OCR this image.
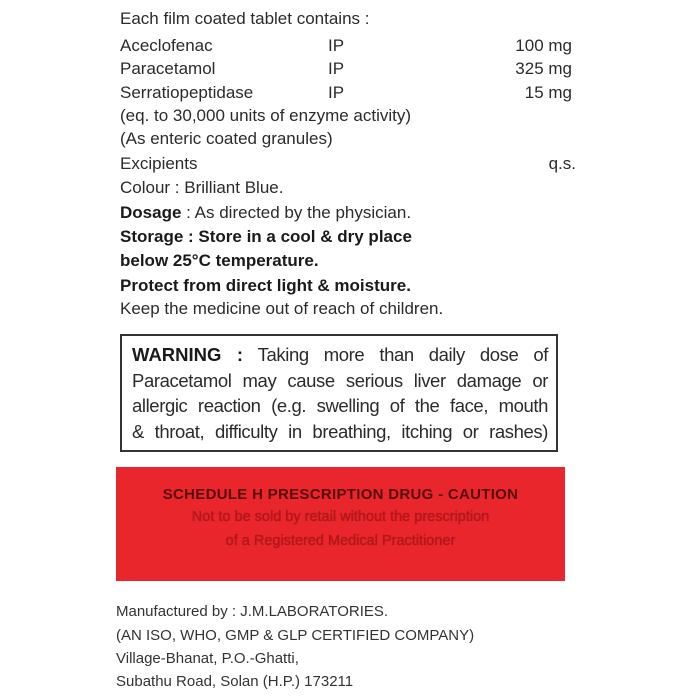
Each film coated tablet contains :
Aceclofenac	IP	100 mg
Paracetamol	IP	325 mg
Serratiopeptidase	IP	15 mg
(eq. to 30,000 units of enzyme activity)
(As enteric coated granules)
Excipients	q.s.
Colour : Brilliant Blue.
Dosage : As directed by the physician.
Storage : Store in a cool & dry place
below 25°C temperature.
Protect from direct light & moisture.
Keep the medicine out of reach of children.
WARNING : Taking more than daily dose of
Paracetamol may cause serious liver damage or
allergic reaction (e.g. swelling of the face, mouth
& throat, difficulty in breathing, itching or rashes)
SCHEDULE H PRESCRIPTION DRUG - CAUTION
Not to be sold by retail without the prescription
of a Registered Medical Practitioner
Manufactured by : J.M.LABORATORIES.
(AN ISO, WHO, GMP & GLP CERTIFIED COMPANY)
Village-Bhanat, P.O.-Ghatti,
Subathu Road, Solan (H.P.) 173211
